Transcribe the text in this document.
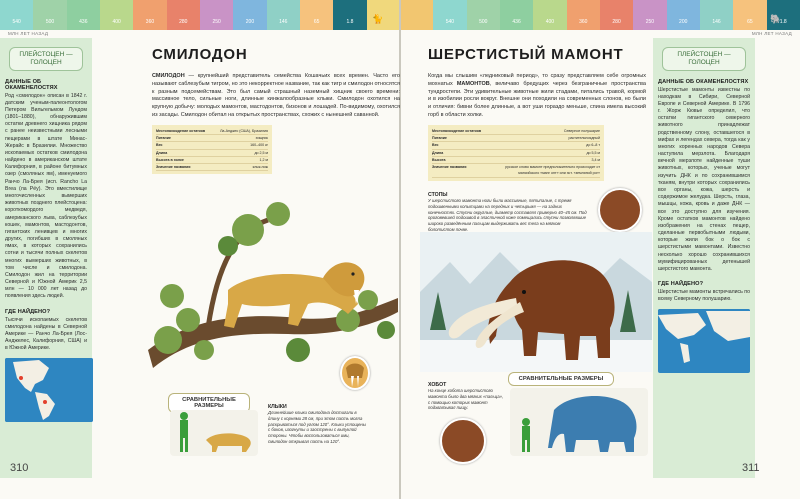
540	500	436	400	360	280	250	200	146	65	1.8	540	500	436	400	360	280	250	200	146	65	1.8
МЛН ЛЕТ НАЗАД	МЛН ЛЕТ НАЗАД
🐈	🐘
ПЛЕЙСТОЦЕН — ГОЛОЦЕН
ДАННЫЕ ОБ ОКАМЕНЕЛОСТЯХ

Род «смилодон» описан в 1842 г. датским ученым-палеонтологом Петером Вильгельмом Лундом (1801–1880), обнаружившим остатки древнего хищника рядом с ранее неизвестными лесными пещерами в штате Минас-Жерайс в Бразилии. Множество ископаемых остатков смилодона найдено в американском штате Калифорния, в районе битумных озер (смоляных ям), именуемого Ранчо Ла-Брея (исп. Rancho La Brea (ла Рёу). Это вместилище многочисленных вымерших животных позднего плейстоцена: короткомордого медведя, американского льва, саблезубых кошек, мамонтов, мастодонтов, гигантских ленивцев и многих других, погибших в смоляных ямах, в которых сохранились сотни и тысячи полных скелетов многих вымерших животных, в том числе и смилодона. Смилодон жил на территории Северной и Южной Америк 2,5 млн — 10 000 лет назад до появления здесь людей.

ГДЕ НАЙДЕНО?

Тысячи ископаемых скелетов смилодона найдены в Северной Америке — Ранчо Ла-Брея (Лос-Анджелес, Калифорния, США) и в Южной Америке.

310
СМИЛОДОН

СМИЛОДОН — крупнейший представитель семейства Кошачьих всех времен. Часто его называют саблезубым тигром, но это некорректное название, так как тигр и смилодон относятся к разным подсемействам. Это был самый страшный наземный хищник своего времени: массивное тело, сильные ноги, длинные кинжалообразные клыки. Смилодон охотился на крупную добычу: молодых мамонтов, мастодонтов, бизонов и лошадей. По-видимому, охотился из засады. Смилодон обитал на открытых пространствах, схожих с нынешней саванной.

Местонахождение остатков	Ла-Анджес (США), Бразилия
Питание	хищник
Вес	160–400 кг
Длина	до 2,5 м
Высота в холке	1,2 м
Значение названия	клык-нож
СРАВНИТЕЛЬНЫЕ РАЗМЕРЫ	КЛЫКИ

Длиннейшие клыки смилодона достигали в длину с корнями 28 см, при этом пасть могла раскрываться под углом 120°. Клыки уплощены с боков, изогнуты и заострены с выпуклой стороны. Чтобы воспользоваться ими, смилодон открывал пасть на 120°.

ШЕРСТИСТЫЙ МАМОНТ

Когда мы слышим «ледниковый период», то сразу представляем себе огромных мохнатых МАМОНТОВ, величаво бредущих через безграничные пространства тундростепи. Эти удивительные животные жили стадами, питались травой, кормой и в изобилии росли вокруг. Внешне они походили на современных слонов, но были и отличия: бивни более длинные, а вот уши гораздо меньше, спина имела высокий горб в области холки.

Местонахождение остатков	Северное полушарие
Питание	растительноядный
Вес	до 6–8 т
Длина	до 5,5 м
Высота	3,4 м
Значение названия	русское слово мамонт предположительно происходит от мансийского «манг онт» или эст. «земляной рог»
СТОПЫ

У шерстистого мамонта ноги были массивные, пятипалые, с тремя подошвенными копытцами на передних и четырьмя — на задних конечностях. Ступни округлые, диаметр составлял примерно 40–45 см. Под ороговевшей подошвой в эластичной коже помещались ступни позволявшие широко разведённым пальцам выдерживать вес тела на мягком болотистом почве.

ХОБОТ

На конце хобота шерстистого мамонта было два мягких «пальца», с помощью которых мамонт подхватывал пищу.

СРАВНИТЕЛЬНЫЕ РАЗМЕРЫ
ПЛЕЙСТОЦЕН — ГОЛОЦЕН
ДАННЫЕ ОБ ОКАМЕНЕЛОСТЯХ

Шерстистые мамонты известны по находкам в Сибири, Северной Европе и Северной Америке. В 1796 г. Жорж Кювье определил, что остатки гигантского северного животного принадлежат родственному слону, оставшегося в мифах и легендах севера, тогда как у многих коренных народов Севера наступила мерзлота. Благодаря вечной мерзлоте найденные туши животных, которых, ученые могут изучить ДНК и по сохранившимся тканям, внутри которых сохранились все органы, кожа, шерсть и содержимое желудка. Шерсть, глаза, мышцы, кожа, кровь и даже ДНК — все это доступно для изучения. Кроме остатков мамонтов найдено изображения на стенах пещер, сделанные первобытными людьми, которые жили бок о бок с шерстистыми мамонтами. Известно несколько хорошо сохранившихся мумифицированных детенышей шерстистого мамонта.

ГДЕ НАЙДЕНО?

Шерстистые мамонты встречались по всему Северному полушарию.

311
